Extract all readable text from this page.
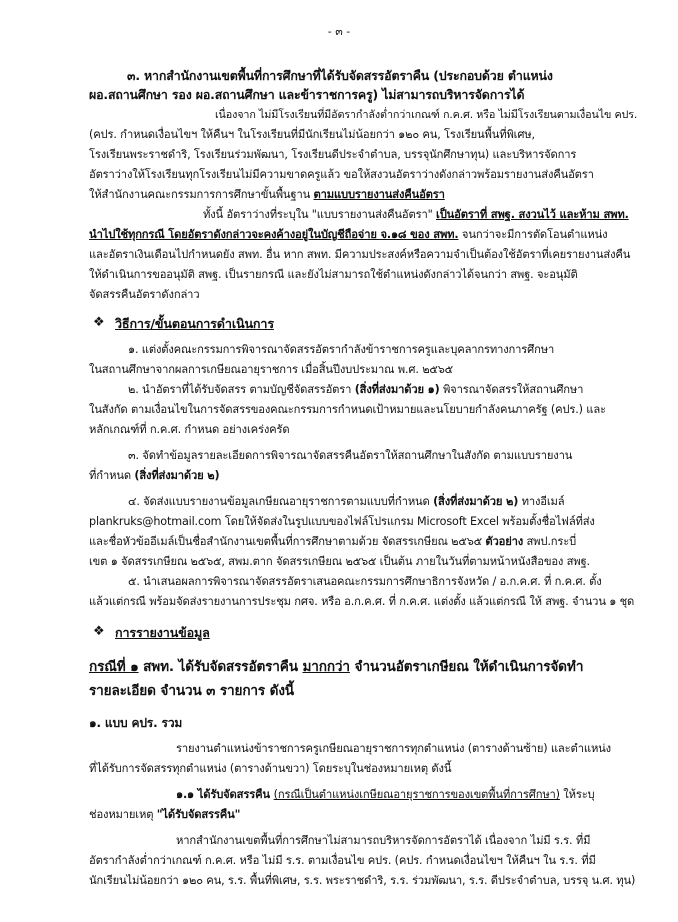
- ๓ -
๓. หากสำนักงานเขตพื้นที่การศึกษาที่ได้รับจัดสรรอัตราคืน (ประกอบด้วย ตำแหน่ง
ผอ.สถานศึกษา รอง ผอ.สถานศึกษา และข้าราชการครู) ไม่สามารถบริหารจัดการได้
เนื่องจาก ไม่มีโรงเรียนที่มีอัตรากำลังต่ำกว่าเกณฑ์ ก.ค.ศ. หรือ ไม่มีโรงเรียนตามเงื่อนไข คปร.
(คปร. กำหนดเงื่อนไขฯ ให้คืนฯ ในโรงเรียนที่มีนักเรียนไม่น้อยกว่า ๑๒๐ คน, โรงเรียนพื้นที่พิเศษ,
โรงเรียนพระราชดำริ, โรงเรียนร่วมพัฒนา, โรงเรียนดีประจำตำบล, บรรจุนักศึกษาทุน) และบริหารจัดการ
อัตราว่างให้โรงเรียนทุกโรงเรียนไม่มีความขาดครูแล้ว ขอให้สงวนอัตราว่างดังกล่าวพร้อมรายงานส่งคืนอัตรา
ให้สำนักงานคณะกรรมการการศึกษาขั้นพื้นฐาน ตามแบบรายงานส่งคืนอัตรา
ทั้งนี้ อัตราว่างที่ระบุใน "แบบรายงานส่งคืนอัตรา" เป็นอัตราที่ สพฐ. สงวนไว้ และห้าม สพท.
นำไปใช้ทุกกรณี โดยอัตราดังกล่าวจะคงค้างอยู่ในบัญชีถือจ่าย จ.๑๘ ของ สพท. จนกว่าจะมีการตัดโอนตำแหน่ง
และอัตราเงินเดือนไปกำหนดยัง สพท. อื่น หาก สพท. มีความประสงค์หรือความจำเป็นต้องใช้อัตราที่เคยรายงานส่งคืน
ให้ดำเนินการขออนุมัติ สพฐ. เป็นรายกรณี และยังไม่สามารถใช้ตำแหน่งดังกล่าวได้จนกว่า สพฐ. จะอนุมัติ
จัดสรรคืนอัตราดังกล่าว
❖ วิธีการ/ขั้นตอนการดำเนินการ
๑. แต่งตั้งคณะกรรมการพิจารณาจัดสรรอัตรากำลังข้าราชการครูและบุคลากรทางการศึกษา
ในสถานศึกษาจากผลการเกษียณอายุราชการ เมื่อสิ้นปีงบประมาณ พ.ศ. ๒๕๖๕
๒. นำอัตราที่ได้รับจัดสรร ตามบัญชีจัดสรรอัตรา (สิ่งที่ส่งมาด้วย ๑) พิจารณาจัดสรรให้สถานศึกษา
ในสังกัด ตามเงื่อนไขในการจัดสรรของคณะกรรมการกำหนดเป้าหมายและนโยบายกำลังคนภาครัฐ (คปร.) และ
หลักเกณฑ์ที่ ก.ค.ศ. กำหนด อย่างเคร่งครัด
๓. จัดทำข้อมูลรายละเอียดการพิจารณาจัดสรรคืนอัตราให้สถานศึกษาในสังกัด ตามแบบรายงาน
ที่กำหนด (สิ่งที่ส่งมาด้วย ๒)
๔. จัดส่งแบบรายงานข้อมูลเกษียณอายุราชการตามแบบที่กำหนด (สิ่งที่ส่งมาด้วย ๒) ทางอีเมล์
plankruks@hotmail.com โดยให้จัดส่งในรูปแบบของไฟล์โปรแกรม Microsoft Excel พร้อมตั้งชื่อไฟล์ที่ส่ง
และชื่อหัวข้ออีเมล์เป็นชื่อสำนักงานเขตพื้นที่การศึกษาตามด้วย จัดสรรเกษียณ ๒๕๖๕ ตัวอย่าง สพป.กระบี่
เขต ๑ จัดสรรเกษียณ ๒๕๖๕, สพม.ตาก จัดสรรเกษียณ ๒๕๖๕ เป็นต้น ภายในวันที่ตามหน้าหนังสือของ สพฐ.
๕. นำเสนอผลการพิจารณาจัดสรรอัตราเสนอคณะกรรมการศึกษาธิการจังหวัด / อ.ก.ค.ศ. ที่ ก.ค.ศ. ตั้ง
แล้วแต่กรณี พร้อมจัดส่งรายงานการประชุม กศจ. หรือ อ.ก.ค.ศ. ที่ ก.ค.ศ. แต่งตั้ง แล้วแต่กรณี ให้ สพฐ. จำนวน ๑ ชุด
❖ การรายงานข้อมูล
กรณีที่ ๑ สพท. ได้รับจัดสรรอัตราคืน มากกว่า จำนวนอัตราเกษียณ ให้ดำเนินการจัดทำ
รายละเอียด จำนวน ๓ รายการ ดังนี้
๑. แบบ คปร. รวม
รายงานตำแหน่งข้าราชการครูเกษียณอายุราชการทุกตำแหน่ง (ตารางด้านซ้าย) และตำแหน่ง
ที่ได้รับการจัดสรรทุกตำแหน่ง (ตารางด้านขวา) โดยระบุในช่องหมายเหตุ ดังนี้
๑.๑ ได้รับจัดสรรคืน (กรณีเป็นตำแหน่งเกษียณอายุราชการของเขตพื้นที่การศึกษา) ให้ระบุ
ช่องหมายเหตุ "ได้รับจัดสรรคืน"
หากสำนักงานเขตพื้นที่การศึกษาไม่สามารถบริหารจัดการอัตราได้ เนื่องจาก ไม่มี ร.ร. ที่มี
อัตรากำลังต่ำกว่าเกณฑ์ ก.ค.ศ. หรือ ไม่มี ร.ร. ตามเงื่อนไข คปร. (คปร. กำหนดเงื่อนไขฯ ให้คืนฯ ใน ร.ร. ที่มี
นักเรียนไม่น้อยกว่า ๑๒๐ คน, ร.ร. พื้นที่พิเศษ, ร.ร. พระราชดำริ, ร.ร. ร่วมพัฒนา, ร.ร. ดีประจำตำบล, บรรจุ น.ศ. ทุน)
